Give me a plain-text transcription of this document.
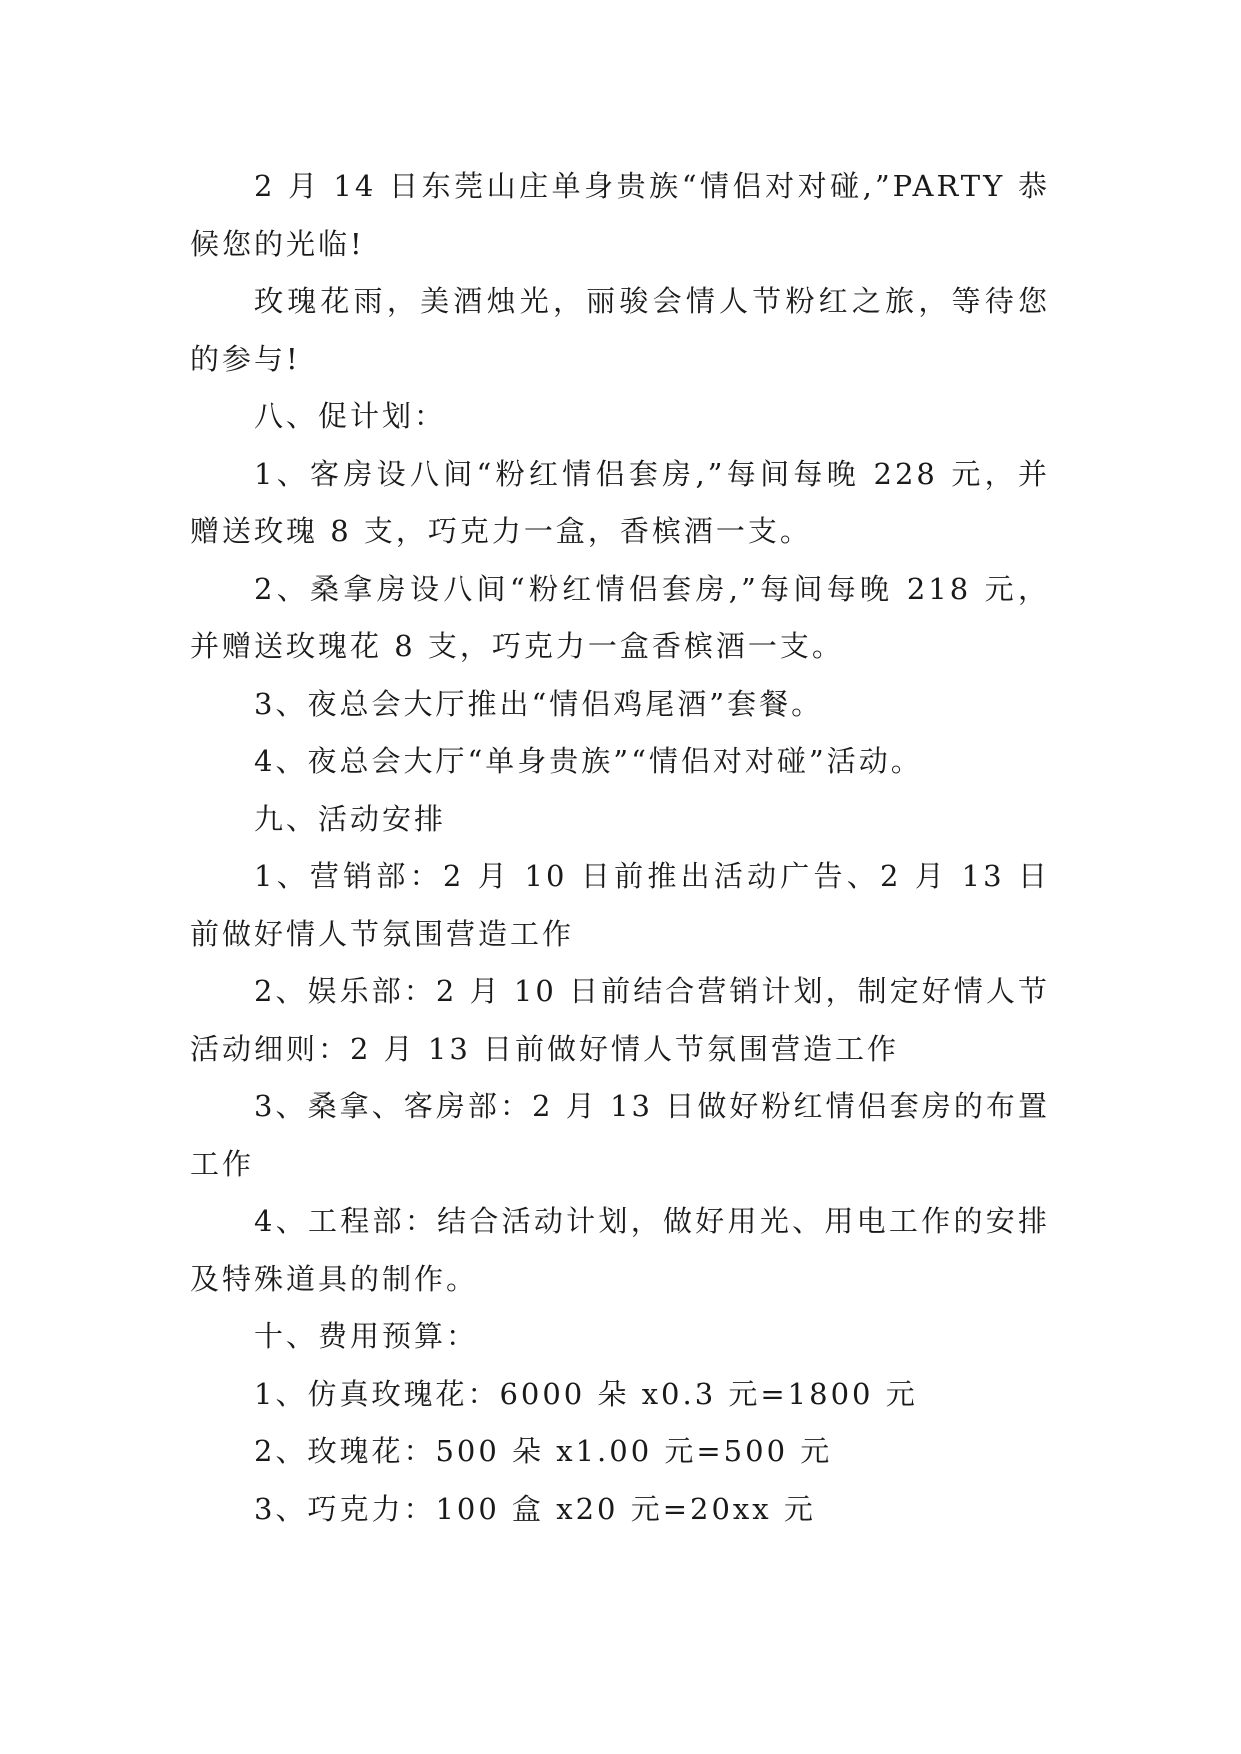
2 月 14 日东莞山庄单身贵族“情侣对对碰,”PARTY 恭候您的光临!

玫瑰花雨，美酒烛光，丽骏会情人节粉红之旅，等待您的参与!

八、促计划：

1、客房设八间“粉红情侣套房,”每间每晚 228 元，并赠送玫瑰 8 支，巧克力一盒，香槟酒一支。

2、桑拿房设八间“粉红情侣套房,”每间每晚 218 元，并赠送玫瑰花 8 支，巧克力一盒香槟酒一支。

3、夜总会大厅推出“情侣鸡尾酒”套餐。

4、夜总会大厅“单身贵族”“情侣对对碰”活动。

九、活动安排

1、营销部：2 月 10 日前推出活动广告、2 月 13 日前做好情人节氛围营造工作

2、娱乐部：2 月 10 日前结合营销计划，制定好情人节活动细则：2 月 13 日前做好情人节氛围营造工作

3、桑拿、客房部：2 月 13 日做好粉红情侣套房的布置工作

4、工程部：结合活动计划，做好用光、用电工作的安排及特殊道具的制作。

十、费用预算：

1、仿真玫瑰花：6000 朵 x0.3 元=1800 元

2、玫瑰花：500 朵 x1.00 元=500 元

3、巧克力：100 盒 x20 元=20xx 元
